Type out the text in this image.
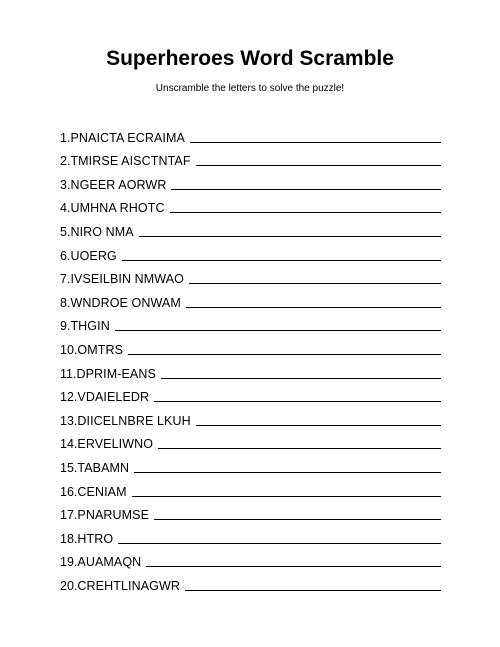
Superheroes Word Scramble

Unscramble the letters to solve the puzzle!

1. PNAICTA ECRAIMA
2. TMIRSE AISCTNTAF
3. NGEER AORWR
4. UMHNA RHOTC
5. NIRO NMA
6. UOERG
7. IVSEILBIN NMWAO
8. WNDROE ONWAM
9. THGIN
10. OMTRS
11. DPRIM-EANS
12. VDAIELEDR
13. DIICELNBRE LKUH
14. ERVELIWNO
15. TABAMN
16. CENIAM
17. PNARUMSE
18. HTRO
19. AUAMAQN
20. CREHTLINAGWR
